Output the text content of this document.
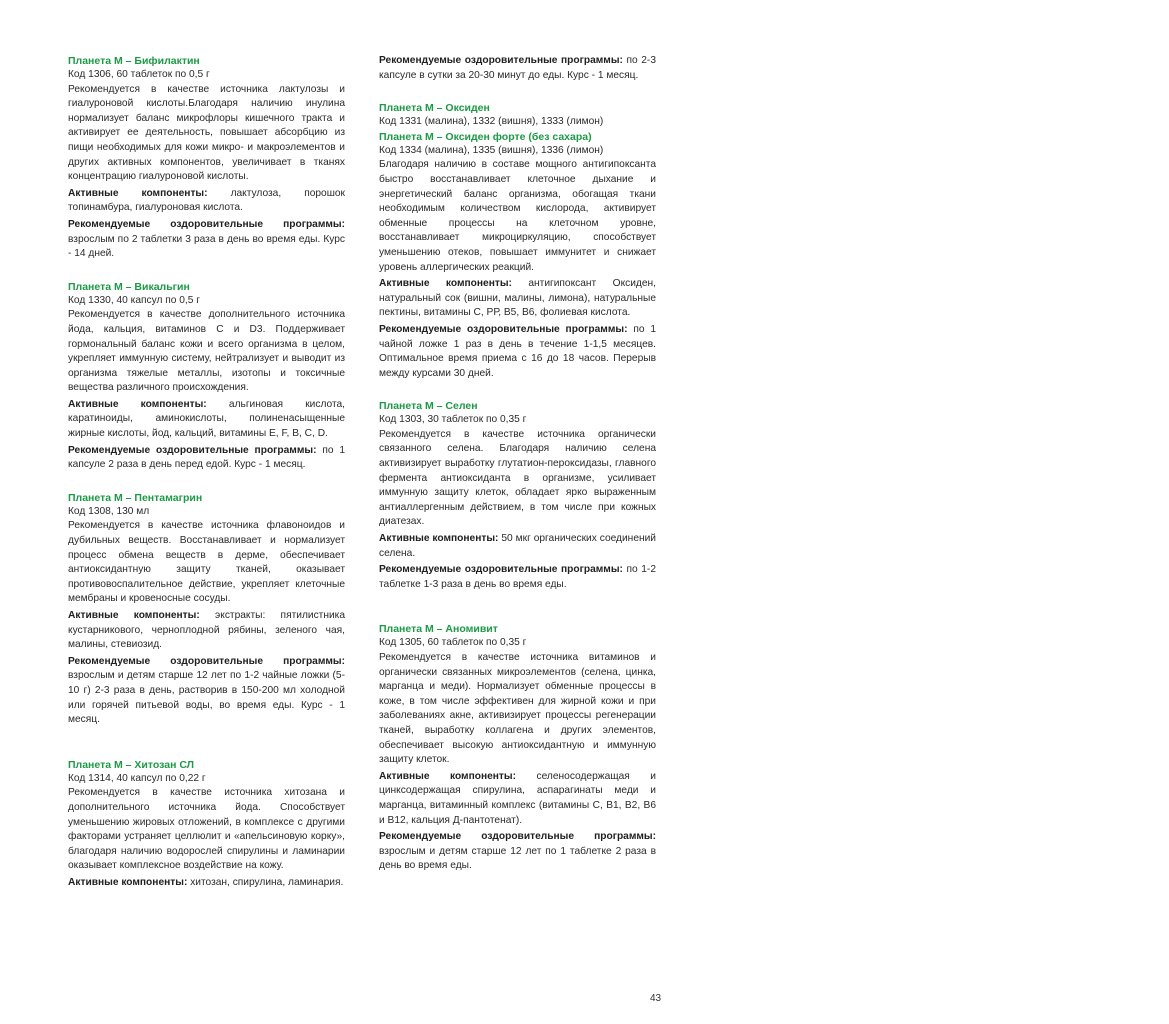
Планета М – Бифилактин

Код 1306, 60 таблеток по 0,5 г

Рекомендуется в качестве источника лактулозы и гиалуроновой кислоты.Благодаря наличию инулина нормализует баланс микрофлоры кишечного тракта и активирует ее деятельность, повышает абсорбцию из пищи необходимых для кожи микро- и макроэлементов и других активных компонентов, увеличивает в тканях концентрацию гиалуроновой кислоты.

Активные компоненты: лактулоза, порошок топинамбура, гиалуроновая кислота.

Рекомендуемые оздоровительные программы: взрослым по 2 таблетки 3 раза в день во время еды. Курс - 14 дней.

Планета М – Викальгин

Код 1330, 40 капсул по 0,5 г

Рекомендуется в качестве дополнительного источника йода, кальция, витаминов С и D3. Поддерживает гормональный баланс кожи и всего организма в целом, укрепляет иммунную систему, нейтрализует и выводит из организма тяжелые металлы, изотопы и токсичные вещества различного происхождения.

Активные компоненты: альгиновая кислота, каратиноиды, аминокислоты, полиненасыщенные жирные кислоты, йод, кальций, витамины Е, F, В, С, D.

Рекомендуемые оздоровительные программы: по 1 капсуле 2 раза в день перед едой. Курс - 1 месяц.

Планета М – Пентамагрин

Код 1308, 130 мл

Рекомендуется в качестве источника флавоноидов и дубильных веществ. Восстанавливает и нормализует процесс обмена веществ в дерме, обеспечивает антиоксидантную защиту тканей, оказывает противовоспалительное действие, укрепляет клеточные мембраны и кровеносные сосуды.

Активные компоненты: экстракты: пятилистника кустарникового, черноплодной рябины, зеленого чая, малины, стевиозид.

Рекомендуемые оздоровительные программы: взрослым и детям старше 12 лет по 1-2 чайные ложки (5-10 г) 2-3 раза в день, растворив в 150-200 мл холодной или горячей питьевой воды, во время еды. Курс - 1 месяц.

Планета М – Хитозан СЛ

Код 1314, 40 капсул по 0,22 г

Рекомендуется в качестве источника хитозана и дополнительного источника йода. Способствует уменьшению жировых отложений, в комплексе с другими факторами устраняет целлюлит и «апельсиновую корку», благодаря наличию водорослей спирулины и ламинарии оказывает комплексное воздействие на кожу.

Активные компоненты: хитозан, спирулина, ламинария.

Рекомендуемые оздоровительные программы: по 2-3 капсуле в сутки за 20-30 минут до еды. Курс - 1 месяц.

Планета М – Оксиден

Код 1331 (малина), 1332 (вишня), 1333 (лимон)

Планета М – Оксиден форте (без сахара)

Код 1334 (малина), 1335 (вишня), 1336 (лимон)

Благодаря наличию в составе мощного антигипоксанта быстро восстанавливает клеточное дыхание и энергетический баланс организма, обогащая ткани необходимым количеством кислорода, активирует обменные процессы на клеточном уровне, восстанавливает микроциркуляцию, способствует уменьшению отеков, повышает иммунитет и снижает уровень аллергических реакций.

Активные компоненты: антигипоксант Оксиден, натуральный сок (вишни, малины, лимона), натуральные пектины, витамины С, РР, В5, В6, фолиевая кислота.

Рекомендуемые оздоровительные программы: по 1 чайной ложке 1 раз в день в течение 1-1,5 месяцев. Оптимальное время приема с 16 до 18 часов. Перерыв между курсами 30 дней.

Планета М – Селен

Код 1303, 30 таблеток по 0,35 г

Рекомендуется в качестве источника органически связанного селена. Благодаря наличию селена активизирует выработку глутатион-пероксидазы, главного фермента антиоксиданта в организме, усиливает иммунную защиту клеток, обладает ярко выраженным антиаллергенным действием, в том числе при кожных диатезах.

Активные компоненты: 50 мкг органических соединений селена.

Рекомендуемые оздоровительные программы: по 1-2 таблетке 1-3 раза в день во время еды.

Планета М – Аномивит

Код 1305, 60 таблеток по 0,35 г

Рекомендуется в качестве источника витаминов и органически связанных микроэлементов (селена, цинка, марганца и меди). Нормализует обменные процессы в коже, в том числе эффективен для жирной кожи и при заболеваниях акне, активизирует процессы регенерации тканей, выработку коллагена и других элементов, обеспечивает высокую антиоксидантную и иммунную защиту клеток.

Активные компоненты: селеносодержащая и цинксодержащая спирулина, аспарагинаты меди и марганца, витаминный комплекс (витамины С, В1, В2, В6 и В12, кальция Д-пантотенат).

Рекомендуемые оздоровительные программы: взрослым и детям старше 12 лет по 1 таблетке 2 раза в день во время еды.

43
